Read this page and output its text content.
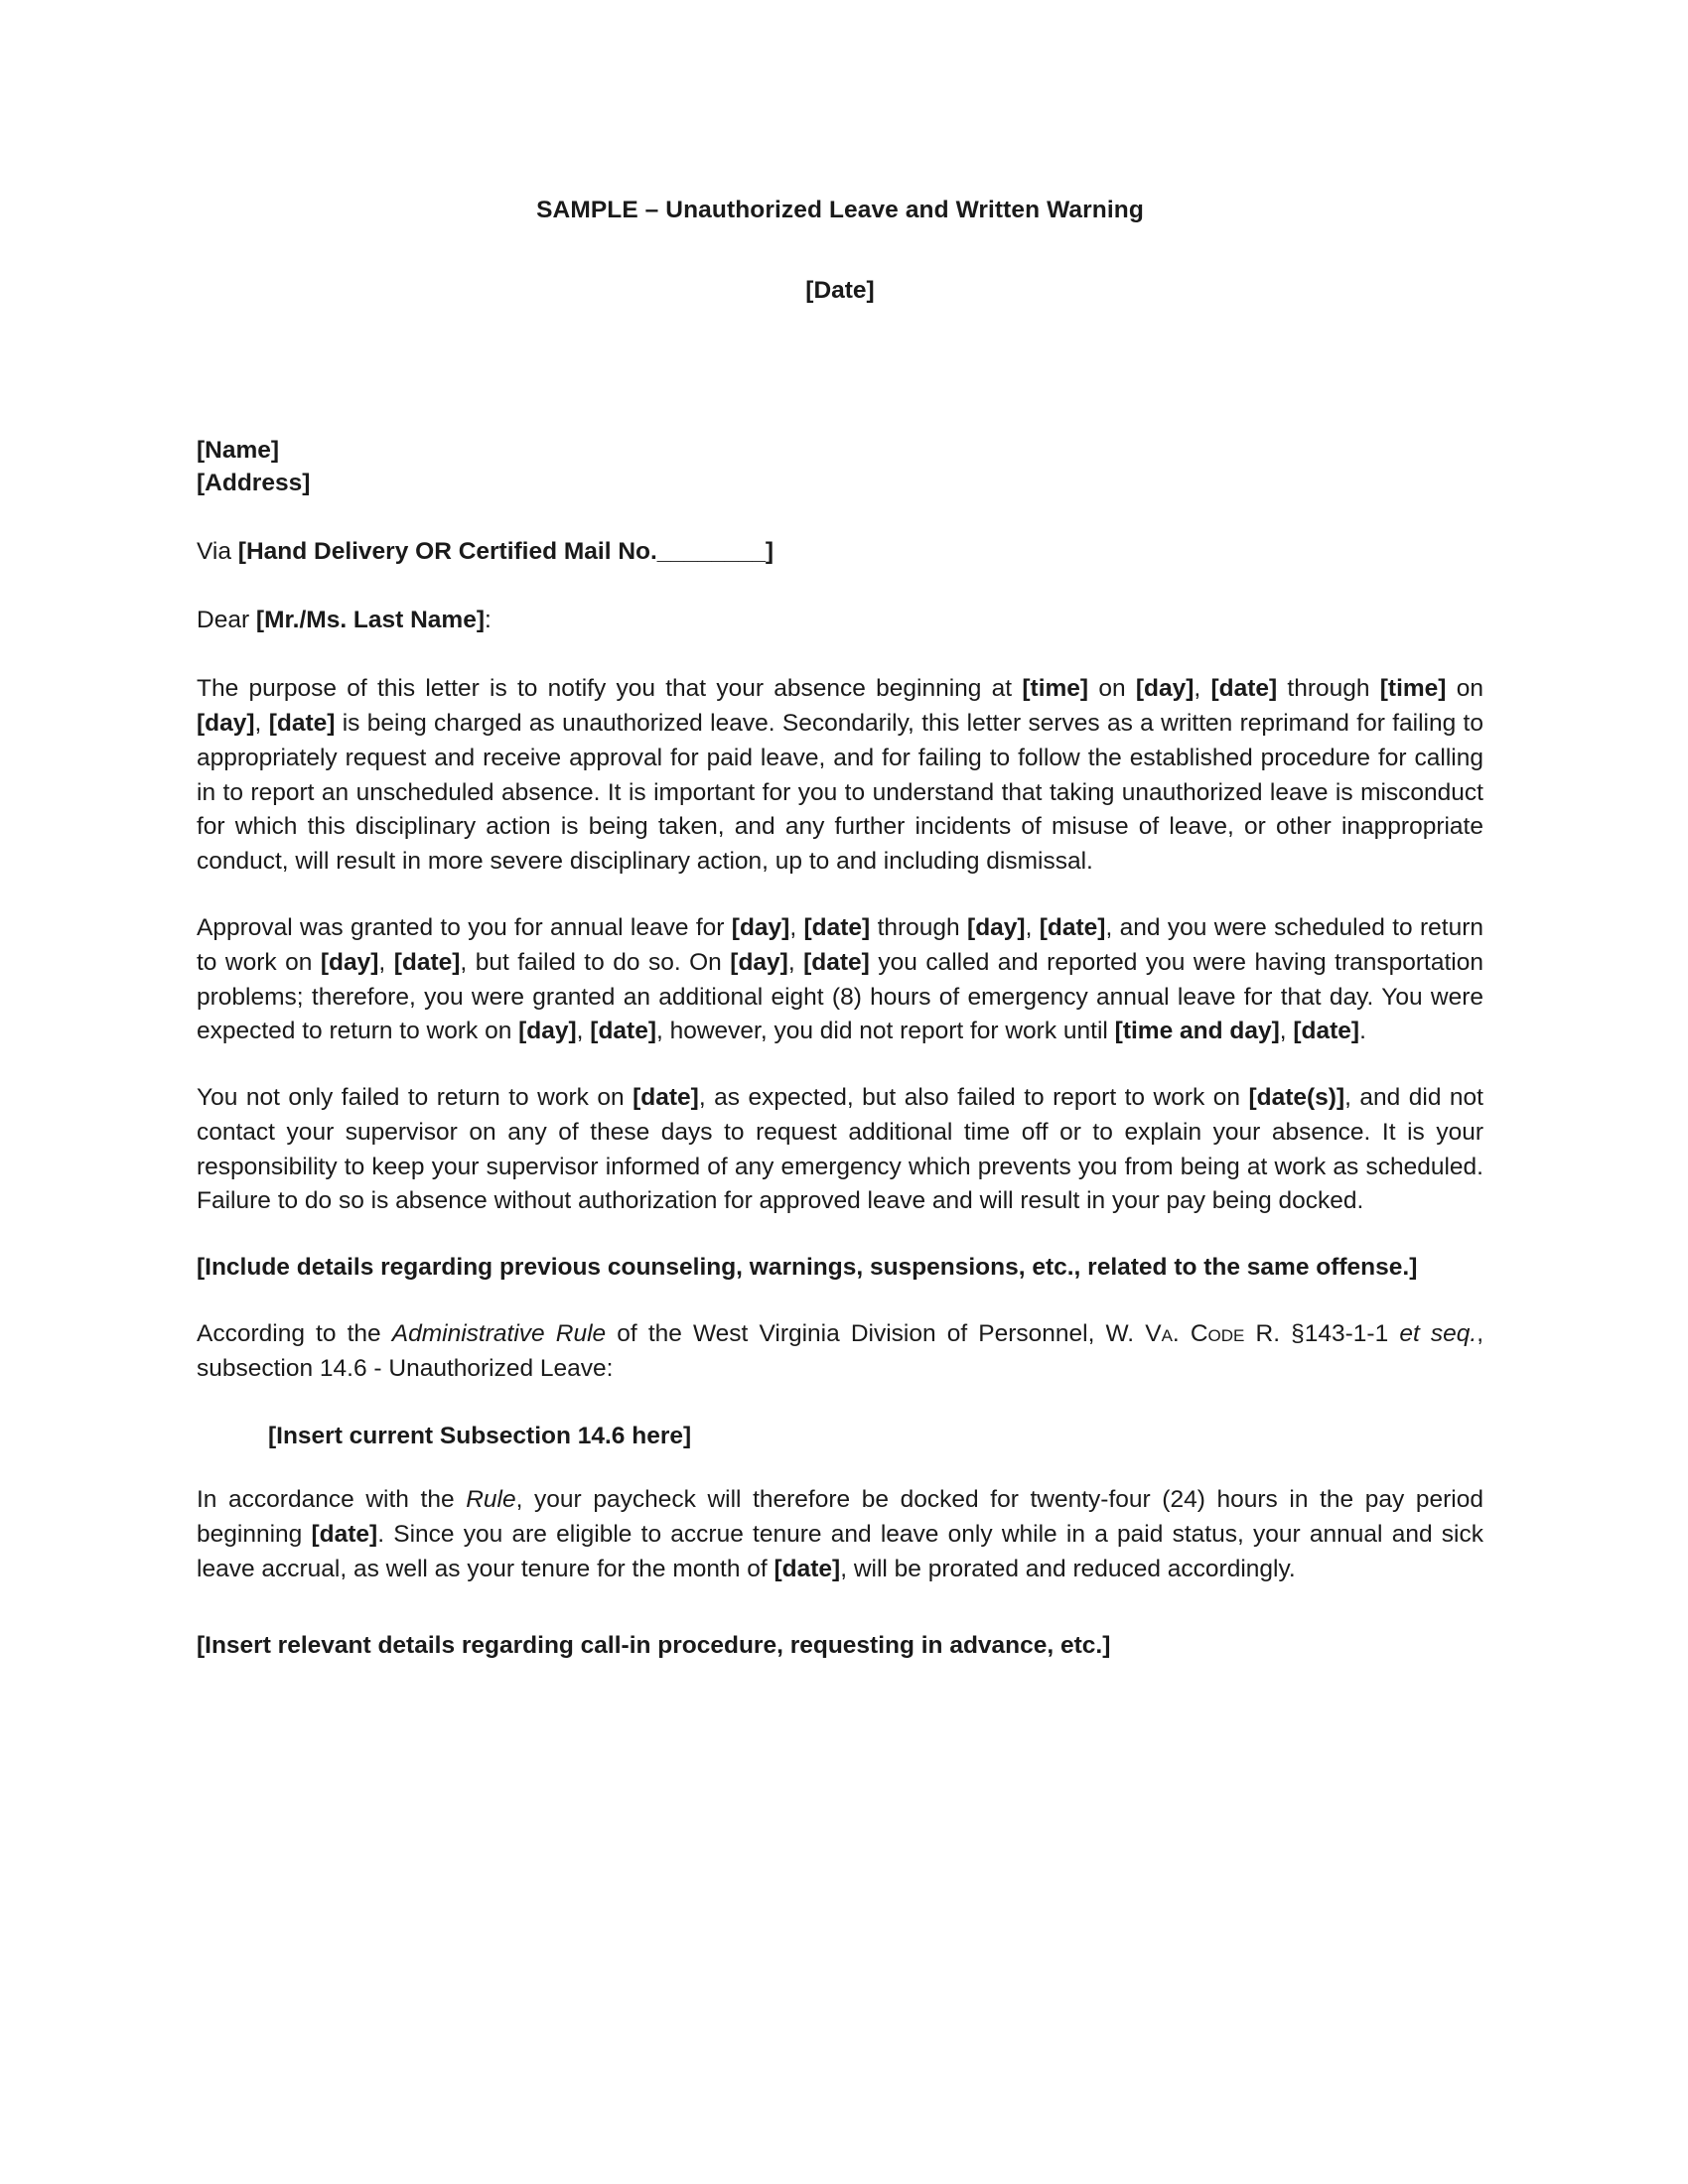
SAMPLE – Unauthorized Leave and Written Warning
[Date]
[Name]
[Address]
Via [Hand Delivery OR Certified Mail No.________]
Dear [Mr./Ms. Last Name]:

The purpose of this letter is to notify you that your absence beginning at [time] on [day], [date] through [time] on [day], [date] is being charged as unauthorized leave. Secondarily, this letter serves as a written reprimand for failing to appropriately request and receive approval for paid leave, and for failing to follow the established procedure for calling in to report an unscheduled absence. It is important for you to understand that taking unauthorized leave is misconduct for which this disciplinary action is being taken, and any further incidents of misuse of leave, or other inappropriate conduct, will result in more severe disciplinary action, up to and including dismissal.

Approval was granted to you for annual leave for [day], [date] through [day], [date], and you were scheduled to return to work on [day], [date], but failed to do so. On [day], [date] you called and reported you were having transportation problems; therefore, you were granted an additional eight (8) hours of emergency annual leave for that day. You were expected to return to work on [day], [date], however, you did not report for work until [time and day], [date].

You not only failed to return to work on [date], as expected, but also failed to report to work on [date(s)], and did not contact your supervisor on any of these days to request additional time off or to explain your absence. It is your responsibility to keep your supervisor informed of any emergency which prevents you from being at work as scheduled. Failure to do so is absence without authorization for approved leave and will result in your pay being docked.

[Include details regarding previous counseling, warnings, suspensions, etc., related to the same offense.]

According to the Administrative Rule of the West Virginia Division of Personnel, W. Va. Code R. §143-1-1 et seq., subsection 14.6 - Unauthorized Leave:

[Insert current Subsection 14.6 here]

In accordance with the Rule, your paycheck will therefore be docked for twenty-four (24) hours in the pay period beginning [date]. Since you are eligible to accrue tenure and leave only while in a paid status, your annual and sick leave accrual, as well as your tenure for the month of [date], will be prorated and reduced accordingly.

[Insert relevant details regarding call-in procedure, requesting in advance, etc.]
